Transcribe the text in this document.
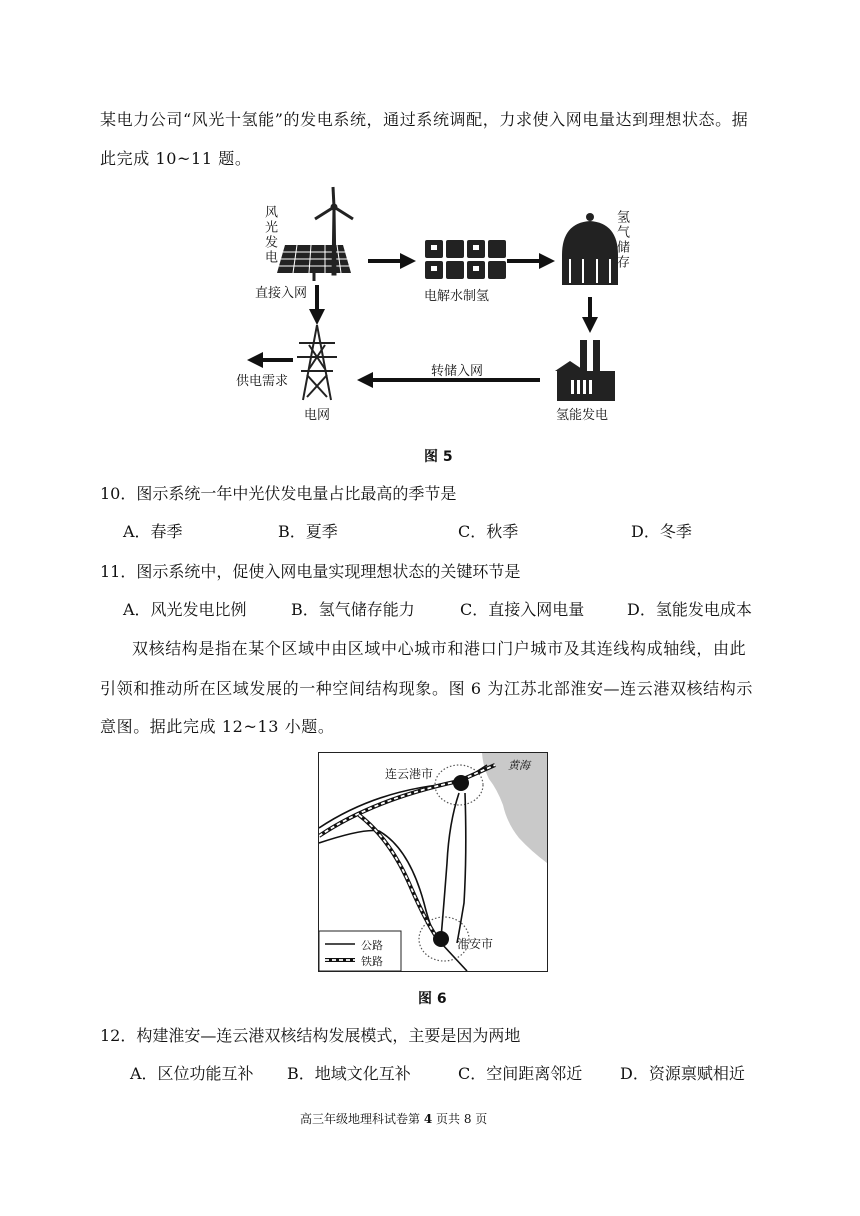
某电力公司“风光十氢能”的发电系统，通过系统调配，力求使入网电量达到理想状态。据
此完成 10~11 题。
风光发电
直接入网	电解水制氢
氢气储存
转储入网
供电需求
电网	氢能发电
图 5
10．图示系统一年中光伏发电量占比最高的季节是
A．春季	B．夏季	C．秋季	D．冬季
11．图示系统中，促使入网电量实现理想状态的关键环节是
A．风光发电比例	B．氢气储存能力	C．直接入网电量	D．氢能发电成本
双核结构是指在某个区域中由区域中心城市和港口门户城市及其连线构成轴线，由此
引领和推动所在区域发展的一种空间结构现象。图 6 为江苏北部淮安—连云港双核结构示
意图。据此完成 12~13 小题。
连云港市
淮安市
黄海
公路
铁路
图 6
12．构建淮安—连云港双核结构发展模式，主要是因为两地
A．区位功能互补 B．地域文化互补	C．空间距离邻近 D．资源禀赋相近
高三年级地理科试卷第 4 页共 8 页
